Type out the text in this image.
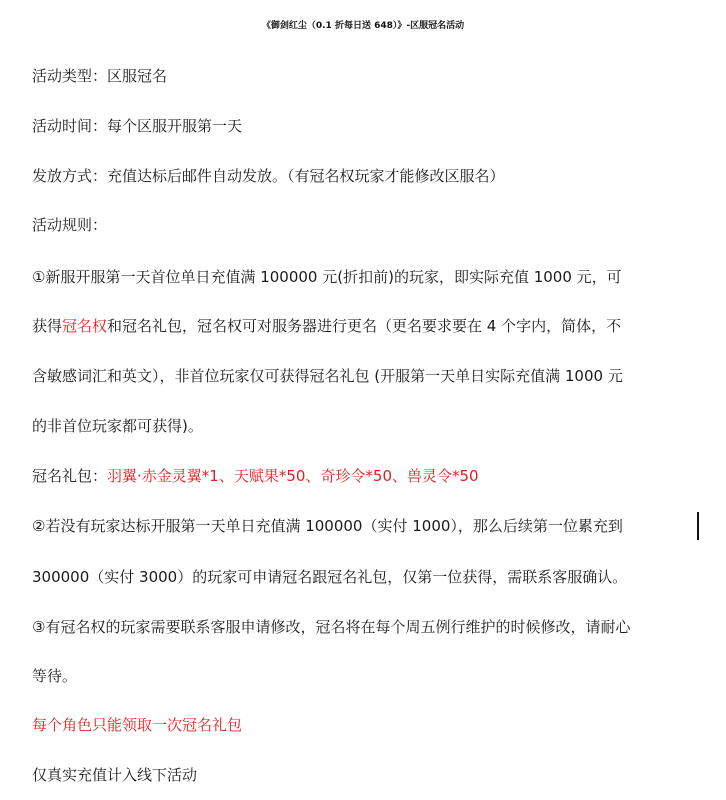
《御剑红尘（0.1 折每日送 648）》-区服冠名活动
活动类型：区服冠名
活动时间：每个区服开服第一天
发放方式：充值达标后邮件自动发放。（有冠名权玩家才能修改区服名）
活动规则：
①新服开服第一天首位单日充值满 100000 元(折扣前)的玩家，即实际充值 1000 元，可
获得冠名权和冠名礼包，冠名权可对服务器进行更名（更名要求要在 4 个字内，简体，不
含敏感词汇和英文），非首位玩家仅可获得冠名礼包 (开服第一天单日实际充值满 1000 元
的非首位玩家都可获得)。
冠名礼包：羽翼·赤金灵翼*1、天赋果*50、奇珍令*50、兽灵令*50
②若没有玩家达标开服第一天单日充值满 100000（实付 1000），那么后续第一位累充到
300000（实付 3000）的玩家可申请冠名跟冠名礼包，仅第一位获得，需联系客服确认。
③有冠名权的玩家需要联系客服申请修改，冠名将在每个周五例行维护的时候修改，请耐心
等待。
每个角色只能领取一次冠名礼包
仅真实充值计入线下活动
